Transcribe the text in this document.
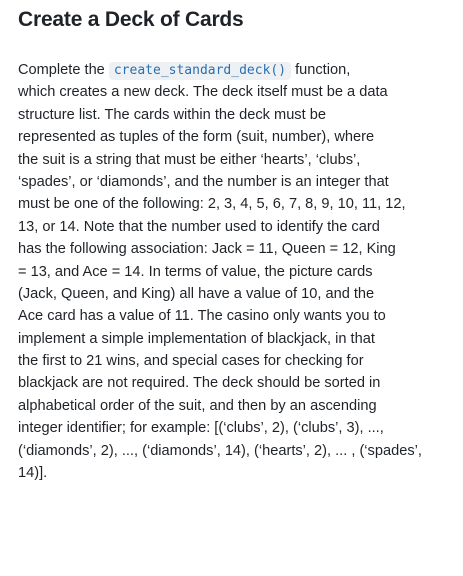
Create a Deck of Cards
Complete the create_standard_deck() function,
which creates a new deck. The deck itself must be a data
structure list. The cards within the deck must be
represented as tuples of the form (suit, number), where
the suit is a string that must be either ‘hearts’, ‘clubs’,
‘spades’, or ‘diamonds’, and the number is an integer that
must be one of the following: 2, 3, 4, 5, 6, 7, 8, 9, 10, 11, 12,
13, or 14. Note that the number used to identify the card
has the following association: Jack = 11, Queen = 12, King
= 13, and Ace = 14. In terms of value, the picture cards
(Jack, Queen, and King) all have a value of 10, and the
Ace card has a value of 11. The casino only wants you to
implement a simple implementation of blackjack, in that
the first to 21 wins, and special cases for checking for
blackjack are not required. The deck should be sorted in
alphabetical order of the suit, and then by an ascending
integer identifier; for example: [(‘clubs’, 2), (‘clubs’, 3), ...,
(‘diamonds’, 2), ..., (‘diamonds’, 14), (‘hearts’, 2), ... , (‘spades’,
14)].
